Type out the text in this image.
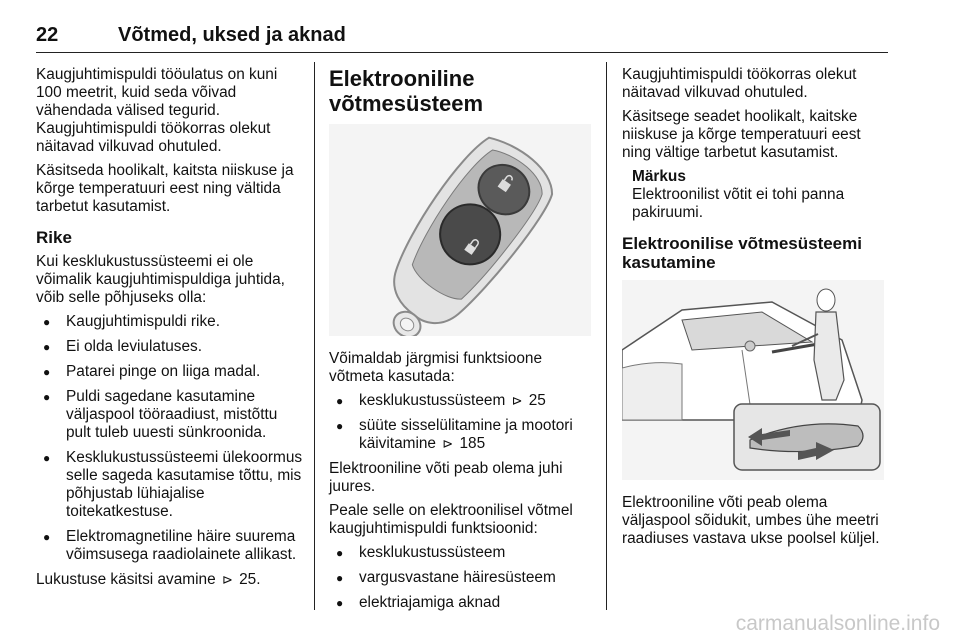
22	Võtmed, uksed ja aknad

Kaugjuhtimispuldi tööulatus on kuni 100 meetrit, kuid seda võivad vähendada välised tegurid. Kaugjuhtimispuldi töökorras olekut näitavad vilkuvad ohutuled.

Käsitseda hoolikalt, kaitsta niiskuse ja kõrge temperatuuri eest ning vältida tarbetut kasutamist.

Rike

Kui kesklukustussüsteemi ei ole võimalik kaugjuhtimispuldiga juhtida, võib selle põhjuseks olla:

● Kaugjuhtimispuldi rike.
● Ei olda leviulatuses.
● Patarei pinge on liiga madal.
● Puldi sagedane kasutamine väljaspool tööraadiust, mistõttu pult tuleb uuesti sünkroonida.
● Kesklukustussüsteemi ülekoormus selle sageda kasutamise tõttu, mis põhjustab lühiajalise toitekatkestuse.
● Elektromagnetiline häire suurema võimsusega raadiolainete allikast.

Lukustuse käsitsi avamine ⊳ 25.

Elektrooniline võtmesüsteem

Võimaldab järgmisi funktsioone võtmeta kasutada:

● kesklukustussüsteem ⊳ 25
● süüte sisselülitamine ja mootori käivitamine ⊳ 185

Elektrooniline võti peab olema juhi juures.

Peale selle on elektroonilisel võtmel kaugjuhtimispuldi funktsioonid:

● kesklukustussüsteem
● vargusvastane häiresüsteem
● elektriajamiga aknad

Kaugjuhtimispuldi töökorras olekut näitavad vilkuvad ohutuled.

Käsitsege seadet hoolikalt, kaitske niiskuse ja kõrge temperatuuri eest ning vältige tarbetut kasutamist.

Märkus
Elektroonilist võtit ei tohi panna pakiruumi.
Elektroonilise võtmesüsteemi kasutamine

Elektrooniline võti peab olema väljaspool sõidukit, umbes ühe meetri raadiuses vastava ukse poolsel küljel.

carmanualsonline.info
